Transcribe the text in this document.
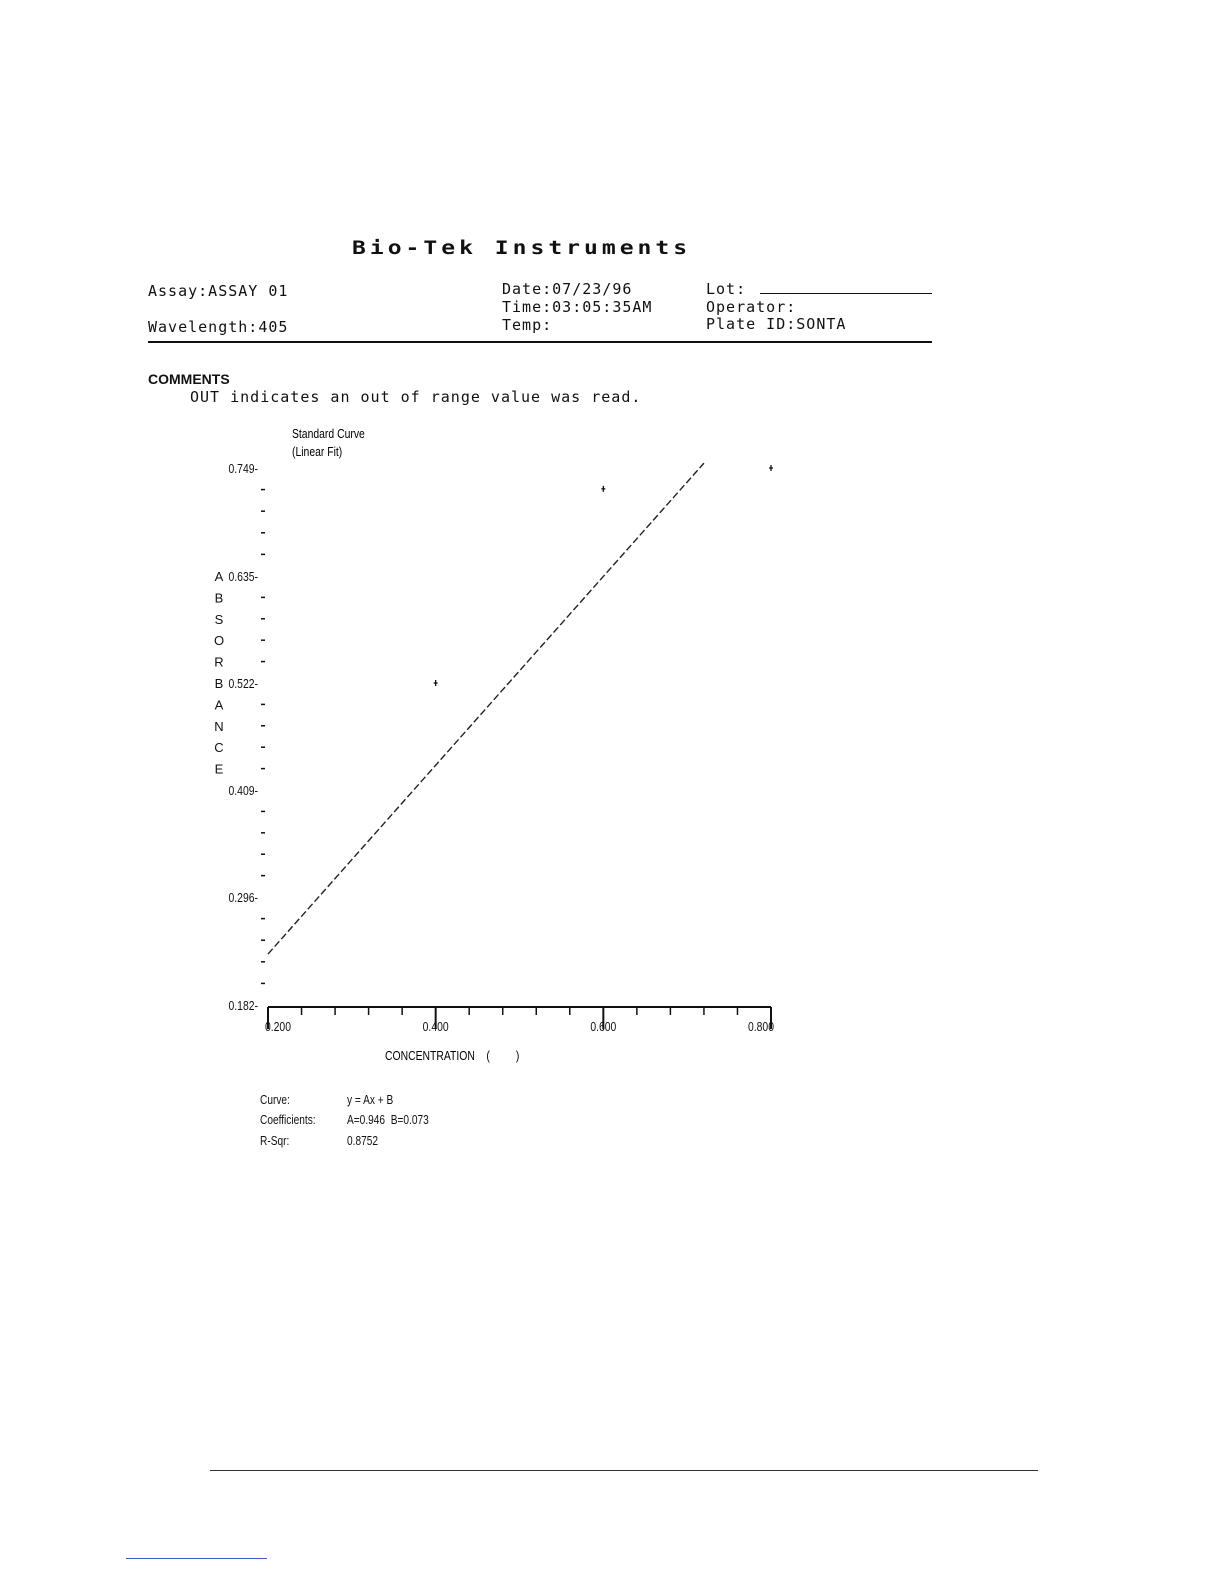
Bio-Tek Instruments
Assay:ASSAY 01
Wavelength:405
Date:07/23/96
Time:03:05:35AM
Temp:
Lot:
Operator:
Plate ID:SONTA
COMMENTS
OUT indicates an out of range value was read.
Standard Curve
(Linear Fit)
A
B
S
O
R
B
A
N
C
E
0.182-
0.296-
0.409-
0.522-
0.635-
0.749-
0.200	0.400	0.600	0.800
CONCENTRATION    (         )
Curve:	y = Ax + B
Coefficients: A=0.946  B=0.073
R-Sqr:	0.8752
